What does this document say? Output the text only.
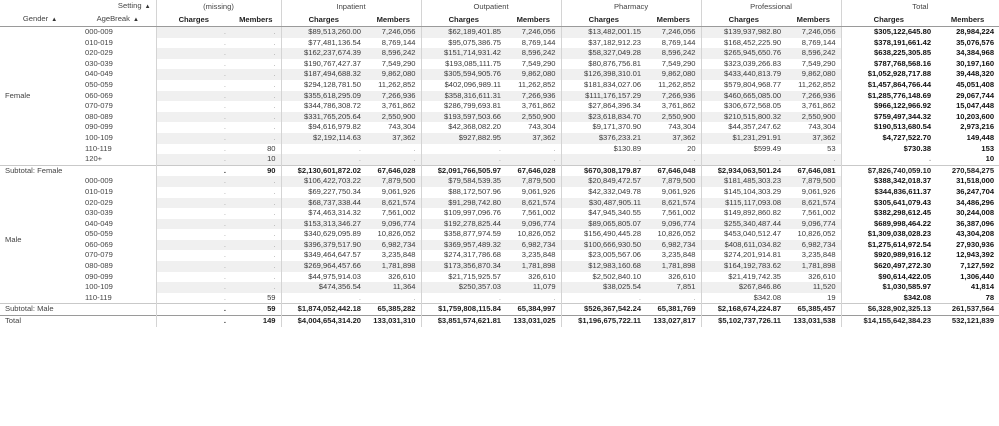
Setting ▲		(missing)		Inpatient		Outpatient		Pharmacy		Professional		Total	
Gender ▲	AgeBreak ▲	Charges	Members	Charges	Members	Charges	Members	Charges	Members	Charges	Members	Charges	Members
Female	000-009	.	.	$89,513,260.00	7,246,056	$62,189,401.85	7,246,056	$13,482,001.15	7,246,056	$139,937,982.80	7,246,056	$305,122,645.80	28,984,224
	010-019	.	.	$77,481,136.54	8,769,144	$95,075,386.75	8,769,144	$37,182,912.23	8,769,144	$168,452,225.90	8,769,144	$378,191,661.42	35,076,576
	020-029	.	.	$162,237,674.39	8,596,242	$151,714,931.42	8,596,242	$58,327,049.28	8,596,242	$265,945,650.76	8,596,242	$638,225,305.85	34,384,968
	030-039	.	.	$190,767,427.37	7,549,290	$193,085,111.75	7,549,290	$80,876,756.81	7,549,290	$323,039,266.83	7,549,290	$787,768,568.16	30,197,160
	040-049	.	.	$187,494,688.32	9,862,080	$305,594,905.76	9,862,080	$126,398,310.01	9,862,080	$433,440,813.79	9,862,080	$1,052,928,717.88	39,448,320
	050-059	.	.	$294,128,781.50	11,262,852	$402,096,989.11	11,262,852	$181,834,027.06	11,262,852	$579,804,968.77	11,262,852	$1,457,864,766.44	45,051,408
	060-069	.	.	$355,618,295.09	7,266,936	$358,316,611.31	7,266,936	$111,176,157.29	7,266,936	$460,665,085.00	7,266,936	$1,285,776,148.69	29,067,744
	070-079	.	.	$344,786,308.72	3,761,862	$286,799,693.81	3,761,862	$27,864,396.34	3,761,862	$306,672,568.05	3,761,862	$966,122,966.92	15,047,448
	080-089	.	.	$331,765,205.64	2,550,900	$193,597,503.66	2,550,900	$23,618,834.70	2,550,900	$210,515,800.32	2,550,900	$759,497,344.32	10,203,600
	090-099	.	.	$94,616,979.82	743,304	$42,368,082.20	743,304	$9,171,370.90	743,304	$44,357,247.62	743,304	$190,513,680.54	2,973,216
	100-109	.	.	$2,192,114.63	37,362	$927,882.95	37,362	$376,233.21	37,362	$1,231,291.91	37,362	$4,727,522.70	149,448
	110-119	.	80	.	.	.	.	$130.89	20	$599.49	53	$730.38	153
	120+	.	10	.	.	.	.	.	.	.	.	.	10
Subtotal: Female		.	90	$2,130,601,872.02	67,646,028	$2,091,766,505.97	67,646,028	$670,308,179.87	67,646,048	$2,934,063,501.24	67,646,081	$7,826,740,059.10	270,584,275
Male	000-009	.	.	$106,422,703.22	7,879,500	$79,584,539.35	7,879,500	$20,849,472.57	7,879,500	$181,485,303.23	7,879,500	$388,342,018.37	31,518,000
	010-019	.	.	$69,227,750.34	9,061,926	$88,172,507.96	9,061,926	$42,332,049.78	9,061,926	$145,104,303.29	9,061,926	$344,836,611.37	36,247,704
	020-029	.	.	$68,737,338.44	8,621,574	$91,298,742.80	8,621,574	$30,487,905.11	8,621,574	$115,117,093.08	8,621,574	$305,641,079.43	34,486,296
	030-039	.	.	$74,463,314.32	7,561,002	$109,997,096.76	7,561,002	$47,945,340.55	7,561,002	$149,892,860.82	7,561,002	$382,298,612.45	30,244,008
	040-049	.	.	$153,313,346.27	9,096,774	$192,278,825.44	9,096,774	$89,065,805.07	9,096,774	$255,340,487.44	9,096,774	$689,998,464.22	36,387,096
	050-059	.	.	$340,629,095.89	10,826,052	$358,877,974.59	10,826,052	$156,490,445.28	10,826,052	$453,040,512.47	10,826,052	$1,309,038,028.23	43,304,208
	060-069	.	.	$396,379,517.90	6,982,734	$369,957,489.32	6,982,734	$100,666,930.50	6,982,734	$408,611,034.82	6,982,734	$1,275,614,972.54	27,930,936
	070-079	.	.	$349,464,647.57	3,235,848	$274,317,786.68	3,235,848	$23,005,567.06	3,235,848	$274,201,914.81	3,235,848	$920,989,916.12	12,943,392
	080-089	.	.	$269,964,457.66	1,781,898	$173,356,870.34	1,781,898	$12,983,160.68	1,781,898	$164,192,783.62	1,781,898	$620,497,272.30	7,127,592
	090-099	.	.	$44,975,914.03	326,610	$21,715,925.57	326,610	$2,502,840.10	326,610	$21,419,742.35	326,610	$90,614,422.05	1,306,440
	100-109	.	.	$474,356.54	11,364	$250,357.03	11,079	$38,025.54	7,851	$267,846.86	11,520	$1,030,585.97	41,814
	110-119	.	59	.	.	.	.	.	.	$342.08	19	$342.08	78
Subtotal: Male		.	59	$1,874,052,442.18	65,385,282	$1,759,808,115.84	65,384,997	$526,367,542.24	65,381,769	$2,168,674,224.87	65,385,457	$6,328,902,325.13	261,537,564
Total		.	149	$4,004,654,314.20	133,031,310	$3,851,574,621.81	133,031,025	$1,196,675,722.11	133,027,817	$5,102,737,726.11	133,031,538	$14,155,642,384.23	532,121,839
